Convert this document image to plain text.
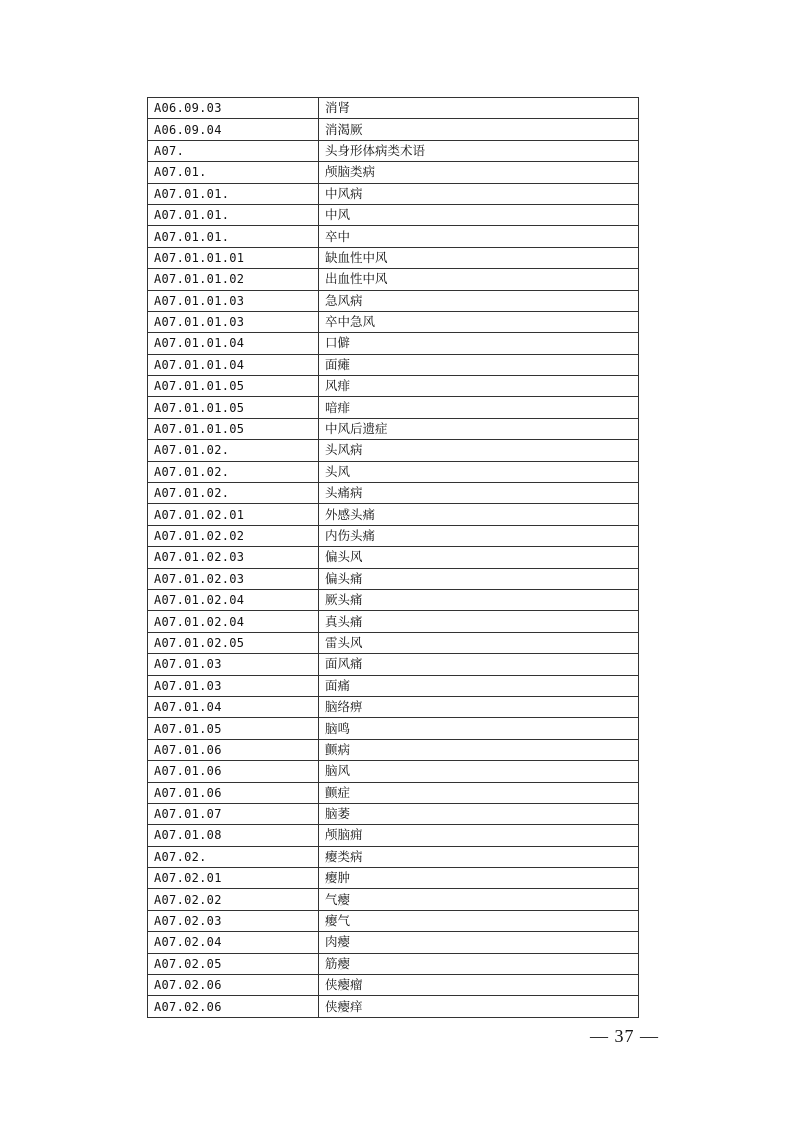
A06.09.03	消肾
A06.09.04	消渴厥
A07.	头身形体病类术语
A07.01.	颅脑类病
A07.01.01.	中风病
A07.01.01.	中风
A07.01.01.	卒中
A07.01.01.01	缺血性中风
A07.01.01.02	出血性中风
A07.01.01.03	急风病
A07.01.01.03	卒中急风
A07.01.01.04	口僻
A07.01.01.04	面瘫
A07.01.01.05	风痱
A07.01.01.05	喑痱
A07.01.01.05	中风后遗症
A07.01.02.	头风病
A07.01.02.	头风
A07.01.02.	头痛病
A07.01.02.01	外感头痛
A07.01.02.02	内伤头痛
A07.01.02.03	偏头风
A07.01.02.03	偏头痛
A07.01.02.04	厥头痛
A07.01.02.04	真头痛
A07.01.02.05	雷头风
A07.01.03	面风痛
A07.01.03	面痛
A07.01.04	脑络痹
A07.01.05	脑鸣
A07.01.06	颤病
A07.01.06	脑风
A07.01.06	颤症
A07.01.07	脑萎
A07.01.08	颅脑痈
A07.02.	瘿类病
A07.02.01	瘿肿
A07.02.02	气瘿
A07.02.03	瘿气
A07.02.04	肉瘿
A07.02.05	筋瘿
A07.02.06	侠瘿瘤
A07.02.06	侠瘿痒
— 37 —
